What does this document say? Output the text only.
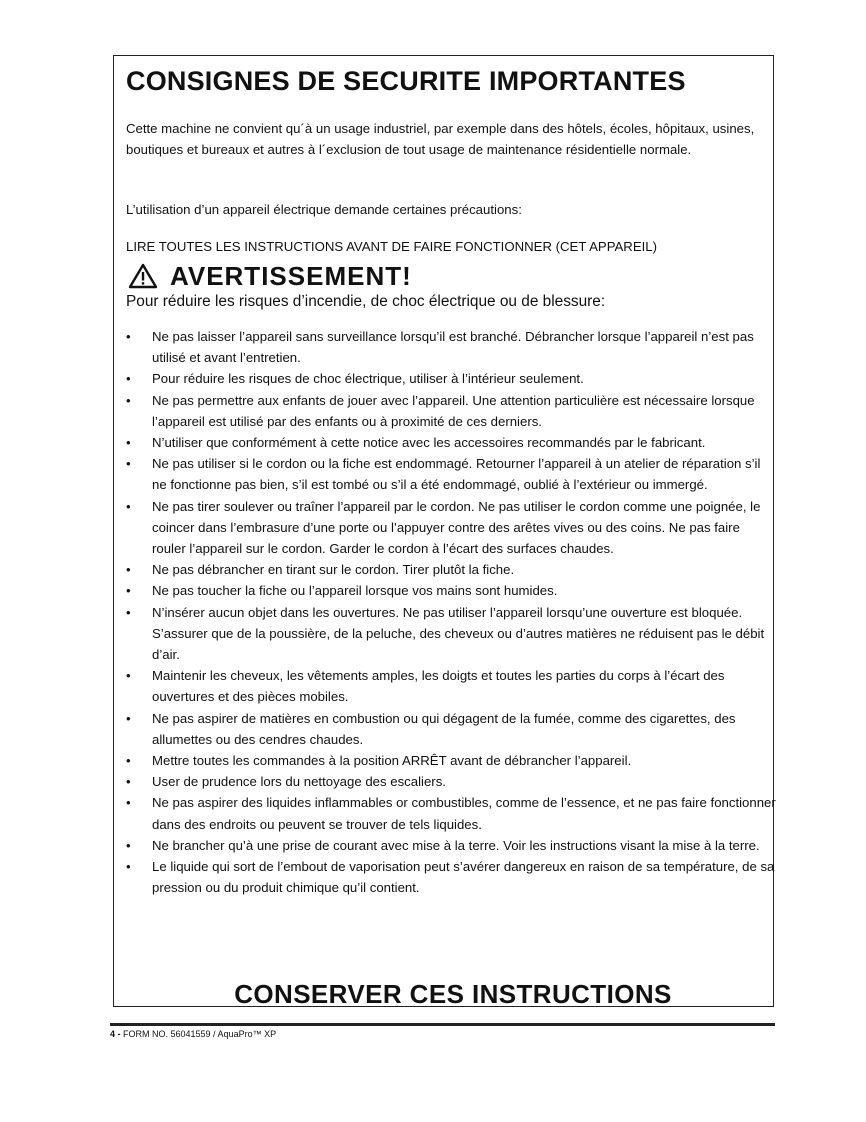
CONSIGNES DE SECURITE IMPORTANTES

Cette machine ne convient qu´à un usage industriel, par exemple dans des hôtels, écoles, hôpitaux, usines, boutiques et bureaux et autres à l´exclusion de tout usage de maintenance résidentielle normale.

L’utilisation d’un appareil électrique demande certaines précautions:

LIRE TOUTES LES INSTRUCTIONS AVANT DE FAIRE FONCTIONNER (CET APPAREIL)

AVERTISSEMENT!

Pour réduire les risques d’incendie, de choc électrique ou de blessure:

• Ne pas laisser l’appareil sans surveillance lorsqu’il est branché. Débrancher lorsque l’appareil n’est pas utilisé et avant l’entretien.
• Pour réduire les risques de choc électrique, utiliser à l’intérieur seulement.
• Ne pas permettre aux enfants de jouer avec l’appareil. Une attention particulière est nécessaire lorsque l’appareil est utilisé par des enfants ou à proximité de ces derniers.
• N’utiliser que conformément à cette notice avec les accessoires recommandés par le fabricant.
• Ne pas utiliser si le cordon ou la fiche est endommagé. Retourner l’appareil à un atelier de réparation s’il ne fonctionne pas bien, s’il est tombé ou s’il a été endommagé, oublié à l’extérieur ou immergé.
• Ne pas tirer soulever ou traîner l’appareil par le cordon. Ne pas utiliser le cordon comme une poignée, le coincer dans l’embrasure d’une porte ou l’appuyer contre des arêtes vives ou des coins. Ne pas faire rouler l’appareil sur le cordon. Garder le cordon à l’écart des surfaces chaudes.
• Ne pas débrancher en tirant sur le cordon. Tirer plutôt la fiche.
• Ne pas toucher la fiche ou l’appareil lorsque vos mains sont humides.
• N’insérer aucun objet dans les ouvertures. Ne pas utiliser l’appareil lorsqu’une ouverture est bloquée. S’assurer que de la poussière, de la peluche, des cheveux ou d’autres matières ne réduisent pas le débit d’air.
• Maintenir les cheveux, les vêtements amples, les doigts et toutes les parties du corps à l’écart des ouvertures et des pièces mobiles.
• Ne pas aspirer de matières en combustion ou qui dégagent de la fumée, comme des cigarettes, des allumettes ou des cendres chaudes.
• Mettre toutes les commandes à la position ARRÊT avant de débrancher l’appareil.
• User de prudence lors du nettoyage des escaliers.
• Ne pas aspirer des liquides inflammables or combustibles, comme de l’essence, et ne pas faire fonctionner dans des endroits ou peuvent se trouver de tels liquides.
• Ne brancher qu’à une prise de courant avec mise à la terre. Voir les instructions visant la mise à la terre.
• Le liquide qui sort de l’embout de vaporisation peut s’avérer dangereux en raison de sa température, de sa pression ou du produit chimique qu’il contient.
CONSERVER CES INSTRUCTIONS
4 - FORM NO. 56041559 / AquaPro™ XP
